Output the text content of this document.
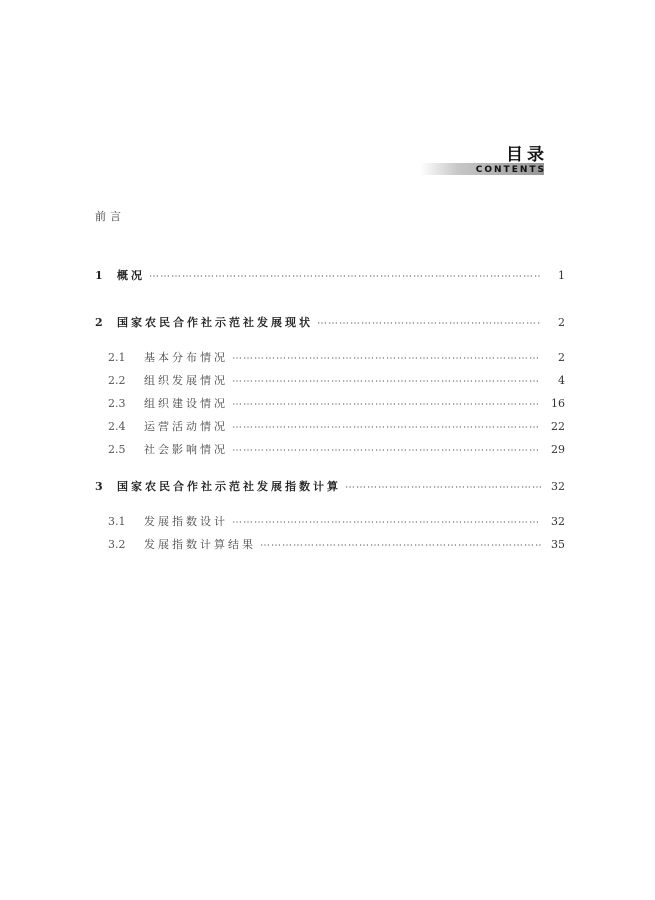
目录
CONTENTS
前言
1	概况 ⋯⋯⋯⋯⋯⋯⋯⋯⋯⋯⋯⋯⋯⋯⋯⋯⋯⋯⋯⋯⋯⋯⋯⋯⋯⋯⋯⋯⋯⋯⋯⋯⋯⋯⋯⋯⋯⋯⋯⋯⋯⋯⋯⋯⋯⋯⋯⋯⋯⋯	1
2	国家农民合作社示范社发展现状 ⋯⋯⋯⋯⋯⋯⋯⋯⋯⋯⋯⋯⋯⋯⋯⋯⋯⋯⋯⋯⋯⋯⋯⋯⋯⋯⋯⋯⋯⋯⋯⋯⋯⋯⋯⋯⋯⋯⋯⋯⋯⋯⋯⋯⋯⋯⋯⋯⋯⋯	2
2.1	基本分布情况 ⋯⋯⋯⋯⋯⋯⋯⋯⋯⋯⋯⋯⋯⋯⋯⋯⋯⋯⋯⋯⋯⋯⋯⋯⋯⋯⋯⋯⋯⋯⋯⋯⋯⋯⋯⋯⋯⋯⋯⋯⋯⋯⋯⋯⋯⋯⋯⋯⋯⋯	2
2.2	组织发展情况 ⋯⋯⋯⋯⋯⋯⋯⋯⋯⋯⋯⋯⋯⋯⋯⋯⋯⋯⋯⋯⋯⋯⋯⋯⋯⋯⋯⋯⋯⋯⋯⋯⋯⋯⋯⋯⋯⋯⋯⋯⋯⋯⋯⋯⋯⋯⋯⋯⋯⋯	4
2.3	组织建设情况 ⋯⋯⋯⋯⋯⋯⋯⋯⋯⋯⋯⋯⋯⋯⋯⋯⋯⋯⋯⋯⋯⋯⋯⋯⋯⋯⋯⋯⋯⋯⋯⋯⋯⋯⋯⋯⋯⋯⋯⋯⋯⋯⋯⋯⋯⋯⋯⋯⋯⋯	16
2.4	运营活动情况 ⋯⋯⋯⋯⋯⋯⋯⋯⋯⋯⋯⋯⋯⋯⋯⋯⋯⋯⋯⋯⋯⋯⋯⋯⋯⋯⋯⋯⋯⋯⋯⋯⋯⋯⋯⋯⋯⋯⋯⋯⋯⋯⋯⋯⋯⋯⋯⋯⋯⋯	22
2.5	社会影响情况 ⋯⋯⋯⋯⋯⋯⋯⋯⋯⋯⋯⋯⋯⋯⋯⋯⋯⋯⋯⋯⋯⋯⋯⋯⋯⋯⋯⋯⋯⋯⋯⋯⋯⋯⋯⋯⋯⋯⋯⋯⋯⋯⋯⋯⋯⋯⋯⋯⋯⋯	29
3	国家农民合作社示范社发展指数计算 ⋯⋯⋯⋯⋯⋯⋯⋯⋯⋯⋯⋯⋯⋯⋯⋯⋯⋯⋯⋯⋯⋯⋯⋯⋯⋯⋯⋯⋯⋯⋯⋯⋯⋯⋯⋯⋯⋯⋯⋯⋯⋯⋯⋯⋯⋯⋯⋯⋯⋯	32
3.1	发展指数设计 ⋯⋯⋯⋯⋯⋯⋯⋯⋯⋯⋯⋯⋯⋯⋯⋯⋯⋯⋯⋯⋯⋯⋯⋯⋯⋯⋯⋯⋯⋯⋯⋯⋯⋯⋯⋯⋯⋯⋯⋯⋯⋯⋯⋯⋯⋯⋯⋯⋯⋯	32
3.2	发展指数计算结果 ⋯⋯⋯⋯⋯⋯⋯⋯⋯⋯⋯⋯⋯⋯⋯⋯⋯⋯⋯⋯⋯⋯⋯⋯⋯⋯⋯⋯⋯⋯⋯⋯⋯⋯⋯⋯⋯⋯⋯⋯⋯⋯⋯⋯⋯⋯⋯⋯⋯⋯	35
